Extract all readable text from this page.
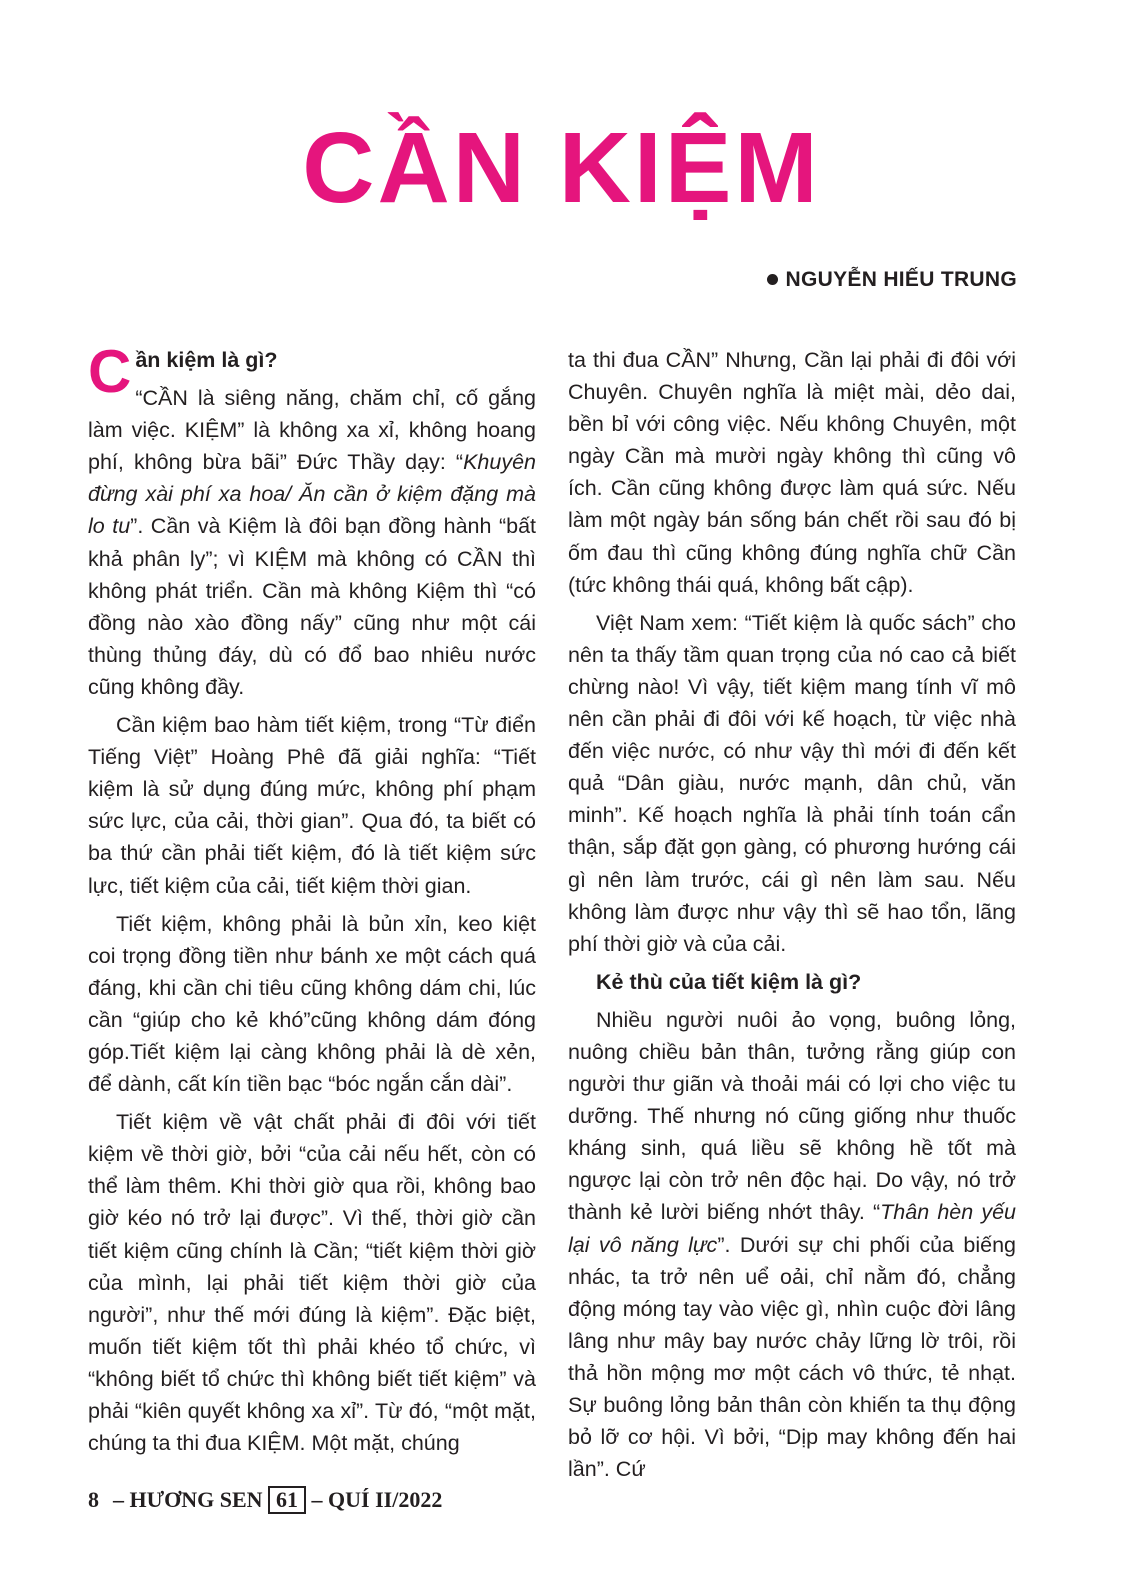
CẦN KIỆM
NGUYỄN HIẾU TRUNG
Cần kiệm là gì?

“CẦN là siêng năng, chăm chỉ, cố gắng làm việc. KIỆM” là không xa xỉ, không hoang phí, không bừa bãi” Đức Thầy dạy: “Khuyên đừng xài phí xa hoa/ Ăn cần ở kiệm đặng mà lo tu”. Cần và Kiệm là đôi bạn đồng hành “bất khả phân ly”; vì KIỆM mà không có CẦN thì không phát triển. Cần mà không Kiệm thì “có đồng nào xào đồng nấy” cũng như một cái thùng thủng đáy, dù có đổ bao nhiêu nước cũng không đầy.

Cần kiệm bao hàm tiết kiệm, trong “Từ điển Tiếng Việt” Hoàng Phê đã giải nghĩa: “Tiết kiệm là sử dụng đúng mức, không phí phạm sức lực, của cải, thời gian”. Qua đó, ta biết có ba thứ cần phải tiết kiệm, đó là tiết kiệm sức lực, tiết kiệm của cải, tiết kiệm thời gian.

Tiết kiệm, không phải là bủn xỉn, keo kiệt coi trọng đồng tiền như bánh xe một cách quá đáng, khi cần chi tiêu cũng không dám chi, lúc cần “giúp cho kẻ khó”cũng không dám đóng góp.Tiết kiệm lại càng không phải là dè xẻn, để dành, cất kín tiền bạc “bóc ngắn cắn dài”.

Tiết kiệm về vật chất phải đi đôi với tiết kiệm về thời giờ, bởi “của cải nếu hết, còn có thể làm thêm. Khi thời giờ qua rồi, không bao giờ kéo nó trở lại được”. Vì thế, thời giờ cần tiết kiệm cũng chính là Cần; “tiết kiệm thời giờ của mình, lại phải tiết kiệm thời giờ của người”, như thế mới đúng là kiệm”. Đặc biệt, muốn tiết kiệm tốt thì phải khéo tổ chức, vì “không biết tổ chức thì không biết tiết kiệm” và phải “kiên quyết không xa xỉ”. Từ đó, “một mặt, chúng ta thi đua KIỆM. Một mặt, chúng

ta thi đua CẦN” Nhưng, Cần lại phải đi đôi với Chuyên. Chuyên nghĩa là miệt mài, dẻo dai, bền bỉ với công việc. Nếu không Chuyên, một ngày Cần mà mười ngày không thì cũng vô ích. Cần cũng không được làm quá sức. Nếu làm một ngày bán sống bán chết rồi sau đó bị ốm đau thì cũng không đúng nghĩa chữ Cần (tức không thái quá, không bất cập).

Việt Nam xem: “Tiết kiệm là quốc sách” cho nên ta thấy tầm quan trọng của nó cao cả biết chừng nào! Vì vậy, tiết kiệm mang tính vĩ mô nên cần phải đi đôi với kế hoạch, từ việc nhà đến việc nước, có như vậy thì mới đi đến kết quả “Dân giàu, nước mạnh, dân chủ, văn minh”. Kế hoạch nghĩa là phải tính toán cẩn thận, sắp đặt gọn gàng, có phương hướng cái gì nên làm trước, cái gì nên làm sau. Nếu không làm được như vậy thì sẽ hao tổn, lãng phí thời giờ và của cải.

Kẻ thù của tiết kiệm là gì?

Nhiều người nuôi ảo vọng, buông lỏng, nuông chiều bản thân, tưởng rằng giúp con người thư giãn và thoải mái có lợi cho việc tu dưỡng. Thế nhưng nó cũng giống như thuốc kháng sinh, quá liều sẽ không hề tốt mà ngược lại còn trở nên độc hại. Do vậy, nó trở thành kẻ lười biếng nhớt thây. “Thân hèn yếu lại vô năng lực”. Dưới sự chi phối của biếng nhác, ta trở nên uể oải, chỉ nằm đó, chẳng động móng tay vào việc gì, nhìn cuộc đời lâng lâng như mây bay nước chảy lững lờ trôi, rồi thả hồn mộng mơ một cách vô thức, tẻ nhạt. Sự buông lỏng bản thân còn khiến ta thụ động bỏ lỡ cơ hội. Vì bởi, “Dịp may không đến hai lần”. Cứ

8 – HƯƠNG SEN 61 – QUÍ II/2022
